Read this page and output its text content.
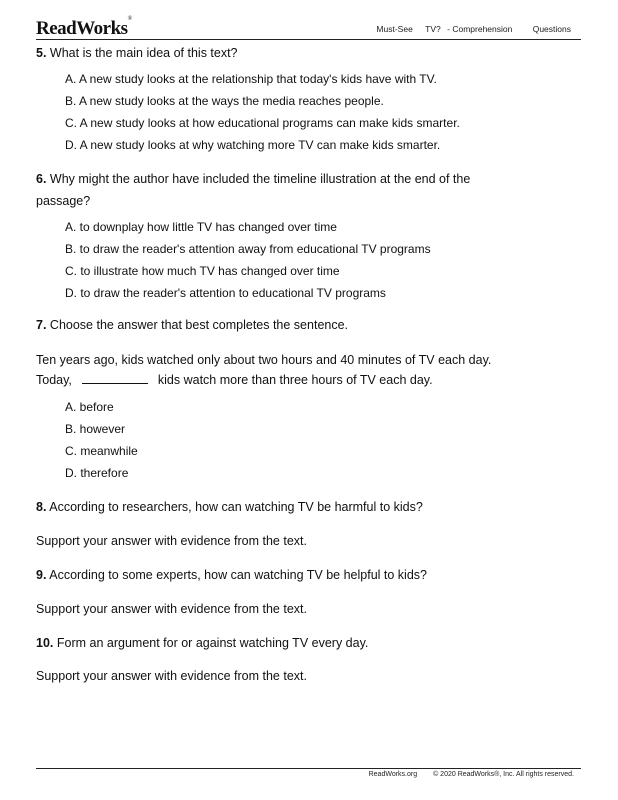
ReadWorks®
Must-See TV? - Comprehension Questions

5. What is the main idea of this text?

A. A new study looks at the relationship that today's kids have with TV.
B. A new study looks at the ways the media reaches people.
C. A new study looks at how educational programs can make kids smarter.
D. A new study looks at why watching more TV can make kids smarter.

6. Why might the author have included the timeline illustration at the end of the
passage?

A. to downplay how little TV has changed over time
B. to draw the reader's attention away from educational TV programs
C. to illustrate how much TV has changed over time
D. to draw the reader's attention to educational TV programs

7. Choose the answer that best completes the sentence.

Ten years ago, kids watched only about two hours and 40 minutes of TV each day.
Today,	kids watch more than three hours of TV each day.

A. before
B. however
C. meanwhile
D. therefore

8. According to researchers, how can watching TV be harmful to kids?

Support your answer with evidence from the text.

9. According to some experts, how can watching TV be helpful to kids?

Support your answer with evidence from the text.

10. Form an argument for or against watching TV every day.

Support your answer with evidence from the text.

ReadWorks.org © 2020 ReadWorks®, Inc. All rights reserved.
